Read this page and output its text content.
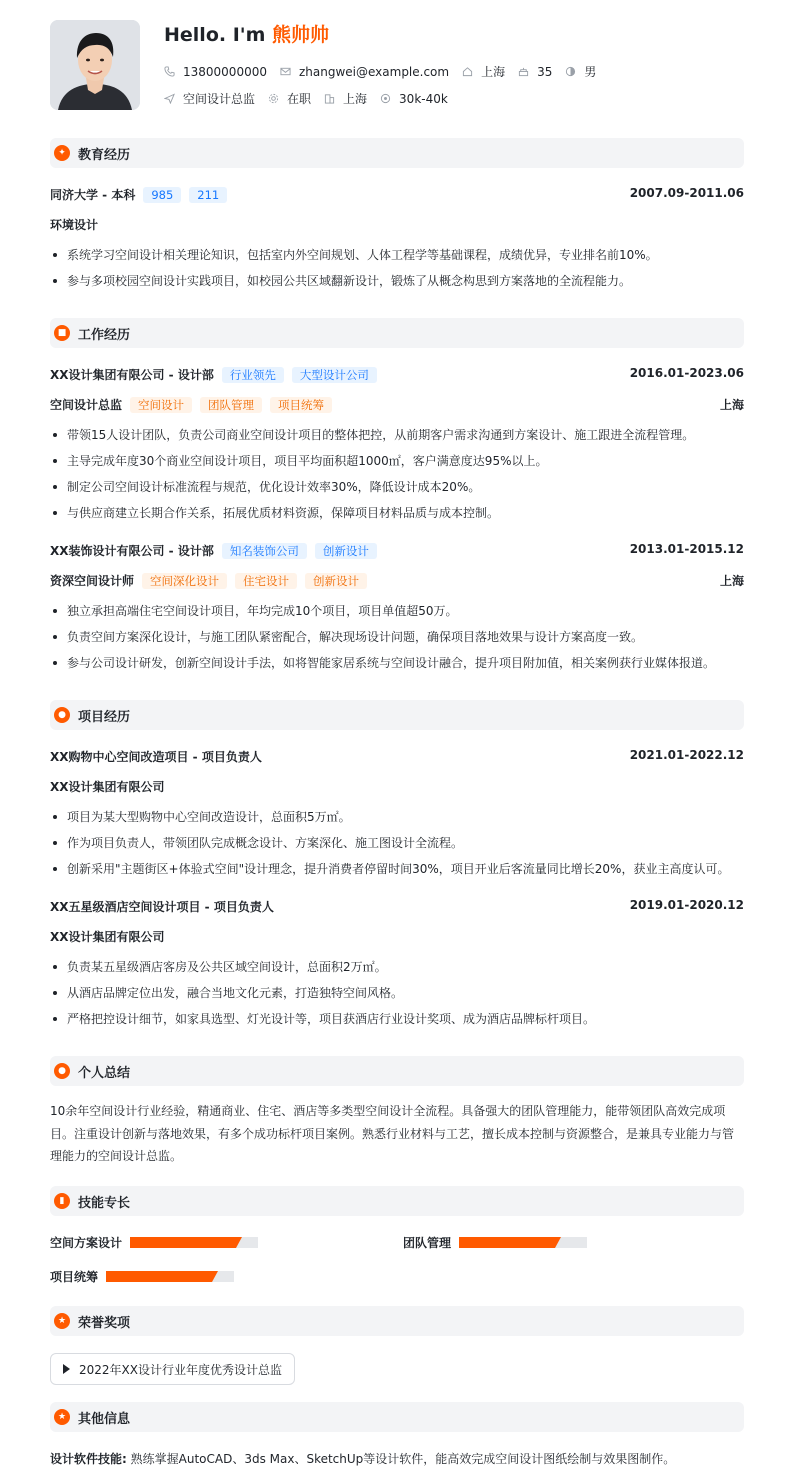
Hello. I'm 熊帅帅
13800000000	zhangwei@example.com	上海	35	男
空间设计总监	在职	上海	30k-40k
✦ 教育经历
同济大学 - 本科	985	211	2007.09-2011.06
环境设计
系统学习空间设计相关理论知识，包括室内外空间规划、人体工程学等基础课程，成绩优异，专业排名前10%。
参与多项校园空间设计实践项目，如校园公共区域翻新设计，锻炼了从概念构思到方案落地的全流程能力。
■ 工作经历
XX设计集团有限公司 - 设计部	行业领先	大型设计公司	2016.01-2023.06
空间设计总监	空间设计	团队管理	项目统筹	上海
带领15人设计团队，负责公司商业空间设计项目的整体把控，从前期客户需求沟通到方案设计、施工跟进全流程管理。
主导完成年度30个商业空间设计项目，项目平均面积超1000㎡，客户满意度达95%以上。
制定公司空间设计标准流程与规范，优化设计效率30%，降低设计成本20%。
与供应商建立长期合作关系，拓展优质材料资源，保障项目材料品质与成本控制。
XX装饰设计有限公司 - 设计部	知名装饰公司	创新设计	2013.01-2015.12
资深空间设计师	空间深化设计	住宅设计	创新设计	上海
独立承担高端住宅空间设计项目，年均完成10个项目，项目单值超50万。
负责空间方案深化设计，与施工团队紧密配合，解决现场设计问题，确保项目落地效果与设计方案高度一致。
参与公司设计研发，创新空间设计手法，如将智能家居系统与空间设计融合，提升项目附加值，相关案例获行业媒体报道。
● 项目经历
XX购物中心空间改造项目 - 项目负责人	2021.01-2022.12
XX设计集团有限公司
项目为某大型购物中心空间改造设计，总面积5万㎡。
作为项目负责人，带领团队完成概念设计、方案深化、施工图设计全流程。
创新采用"主题街区+体验式空间"设计理念，提升消费者停留时间30%，项目开业后客流量同比增长20%，获业主高度认可。
XX五星级酒店空间设计项目 - 项目负责人	2019.01-2020.12
XX设计集团有限公司
负责某五星级酒店客房及公共区域空间设计，总面积2万㎡。
从酒店品牌定位出发，融合当地文化元素，打造独特空间风格。
严格把控设计细节，如家具选型、灯光设计等，项目获酒店行业设计奖项、成为酒店品牌标杆项目。
● 个人总结
10余年空间设计行业经验，精通商业、住宅、酒店等多类型空间设计全流程。具备强大的团队管理能力，能带领团队高效完成项目。注重设计创新与落地效果，有多个成功标杆项目案例。熟悉行业材料与工艺，擅长成本控制与资源整合，是兼具专业能力与管理能力的空间设计总监。
▮	技能专长
空间方案设计	团队管理
项目统筹
★ 荣誉奖项
2022年XX设计行业年度优秀设计总监
★ 其他信息
设计软件技能: 熟练掌握AutoCAD、3ds Max、SketchUp等设计软件，能高效完成空间设计图纸绘制与效果图制作。
